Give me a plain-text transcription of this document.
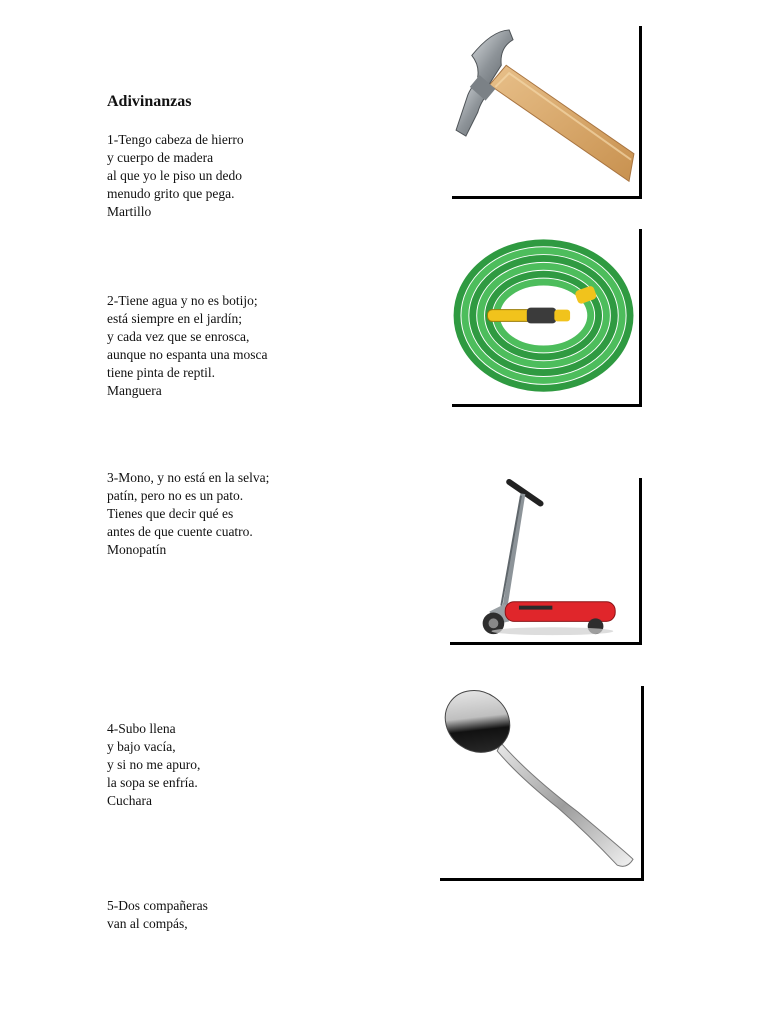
Adivinanzas
1-Tengo cabeza de hierro
y cuerpo de madera
al que yo le piso un dedo
menudo grito que pega.
Martillo
2-Tiene agua y no es botijo;
está siempre en el jardín;
y cada vez que se enrosca,
aunque no espanta una mosca
tiene pinta de reptil.
Manguera
3-Mono, y no está en la selva;
patín, pero no es un pato.
Tienes que decir qué es
antes de que cuente cuatro.
Monopatín
4-Subo llena
y bajo vacía,
y si no me apuro,
la sopa se enfría.
Cuchara
5-Dos compañeras
van al compás,
